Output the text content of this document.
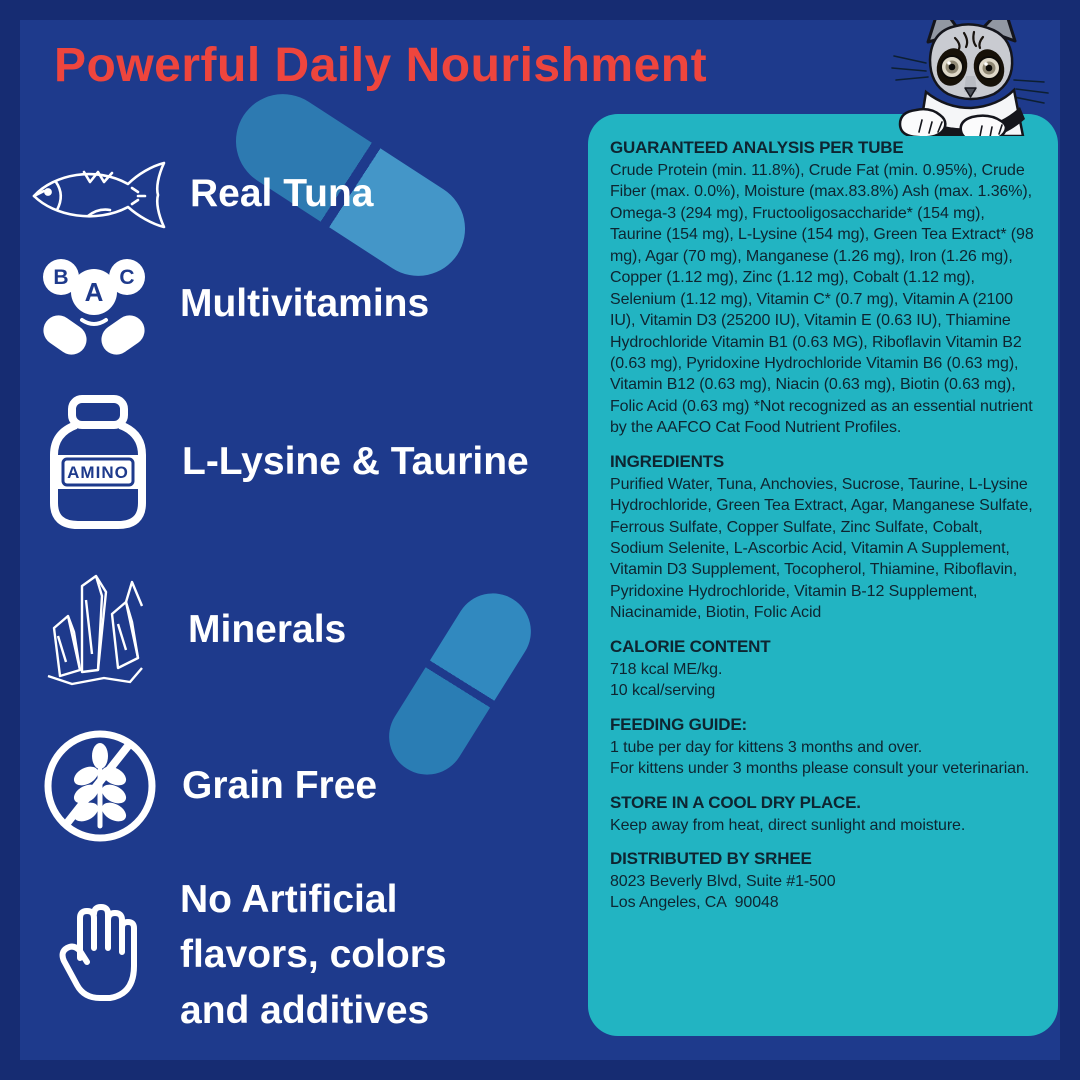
Powerful Daily Nourishment
Real Tuna
B C
A Multivitamins
AMINO L-Lysine & Taurine
Minerals
Grain Free
No Artificial flavors, colors and additives
GUARANTEED ANALYSIS PER TUBE

Crude Protein (min. 11.8%), Crude Fat (min. 0.95%), Crude Fiber (max. 0.0%), Moisture (max.83.8%) Ash (max. 1.36%), Omega-3 (294 mg), Fructooligosaccharide* (154 mg), Taurine (154 mg), L-Lysine (154 mg), Green Tea Extract* (98 mg), Agar (70 mg), Manganese (1.26 mg), Iron (1.26 mg), Copper (1.12 mg), Zinc (1.12 mg), Cobalt (1.12 mg), Selenium (1.12 mg), Vitamin C* (0.7 mg), Vitamin A (2100 IU), Vitamin D3 (25200 IU), Vitamin E (0.63 IU), Thiamine Hydrochloride Vitamin B1 (0.63 MG), Riboflavin Vitamin B2 (0.63 mg), Pyridoxine Hydrochloride Vitamin B6 (0.63 mg), Vitamin B12 (0.63 mg), Niacin (0.63 mg), Biotin (0.63 mg), Folic Acid (0.63 mg) *Not recognized as an essential nutrient by the AAFCO Cat Food Nutrient Profiles.

INGREDIENTS

Purified Water, Tuna, Anchovies, Sucrose, Taurine, L-Lysine Hydrochloride, Green Tea Extract, Agar, Manganese Sulfate, Ferrous Sulfate, Copper Sulfate, Zinc Sulfate, Cobalt, Sodium Selenite, L-Ascorbic Acid, Vitamin A Supplement, Vitamin D3 Supplement, Tocopherol, Thiamine, Riboflavin, Pyridoxine Hydrochloride, Vitamin B-12 Supplement, Niacinamide, Biotin, Folic Acid

CALORIE CONTENT

718 kcal ME/kg.

10 kcal/serving

FEEDING GUIDE:

1 tube per day for kittens 3 months and over.

For kittens under 3 months please consult your veterinarian.

STORE IN A COOL DRY PLACE.

Keep away from heat, direct sunlight and moisture.

DISTRIBUTED BY SRHEE

8023 Beverly Blvd, Suite #1-500

Los Angeles, CA  90048
